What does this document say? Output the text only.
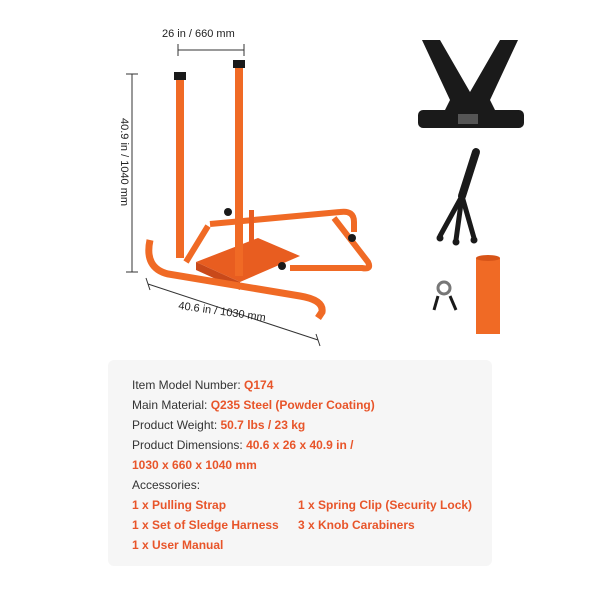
26 in / 660 mm
40.9 in / 1040 mm
40.6 in / 1030 mm
Item Model Number: Q174
Main Material: Q235 Steel (Powder Coating)
Product Weight: 50.7 lbs / 23 kg
Product Dimensions: 40.6 x 26 x 40.9 in /
1030 x 660 x 1040 mm
Accessories:
1 x Pulling Strap	1 x Spring Clip (Security Lock)
1 x Set of Sledge Harness 3 x Knob Carabiners
1 x User Manual
